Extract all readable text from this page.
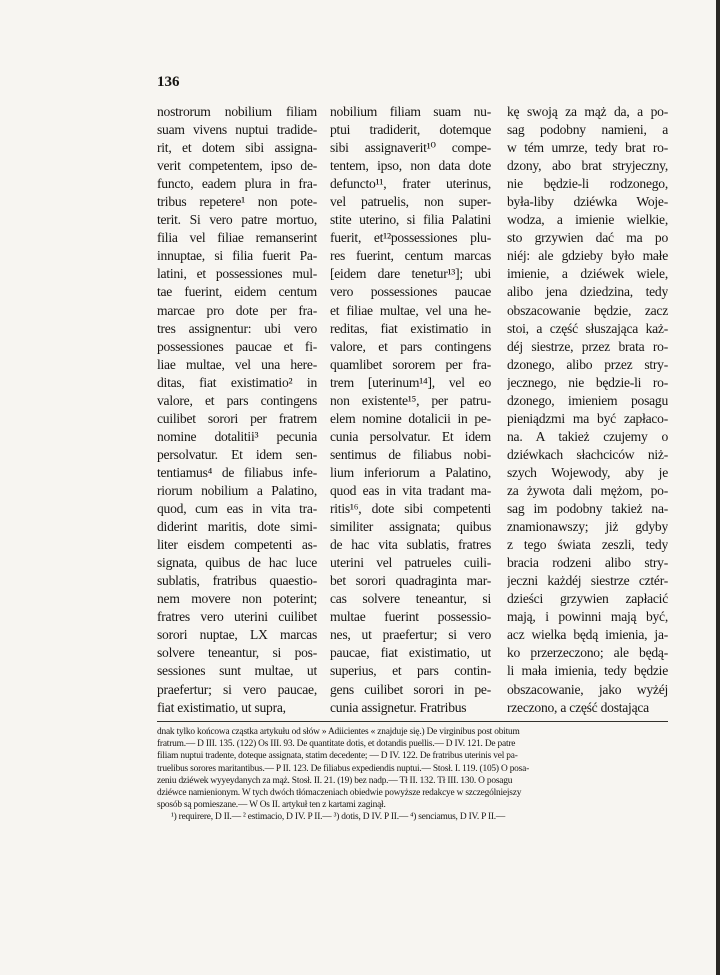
136
nostrorum nobilium filiam
suam vivens nuptui tradide-
rit, et dotem sibi assigna-
verit competentem, ipso de-
functo, eadem plura in fra-
tribus repetere¹ non pote-
terit. Si vero patre mortuo,
filia vel filiae remanserint
innuptae, si filia fuerit Pa-
latini, et possessiones mul-
tae fuerint, eidem centum
marcae pro dote per fra-
tres assignentur: ubi vero
possessiones paucae et fi-
liae multae, vel una here-
ditas, fiat existimatio² in
valore, et pars contingens
cuilibet sorori per fratrem
nomine dotalitii³ pecunia
persolvatur. Et idem sen-
tentiamus⁴ de filiabus infe-
riorum nobilium a Palatino,
quod, cum eas in vita tra-
diderint maritis, dote simi-
liter eisdem competenti as-
signata, quibus de hac luce
sublatis, fratribus quaestio-
nem movere non poterint;
fratres vero uterini cuilibet
sorori nuptae, LX marcas
solvere teneantur, si pos-
sessiones sunt multae, ut
praefertur; si vero paucae,
fiat existimatio, ut supra,
nobilium filiam suam nu-
ptui tradiderit, dotemque
sibi assignaverit¹⁰ compe-
tentem, ipso, non data dote
defuncto¹¹, frater uterinus,
vel patruelis, non super-
stite uterino, si filia Palatini
fuerit, et¹²possessiones plu-
res fuerint, centum marcas
[eidem dare tenetur¹³]; ubi
vero possessiones paucae
et filiae multae, vel una he-
reditas, fiat existimatio in
valore, et pars contingens
quamlibet sororem per fra-
trem [uterinum¹⁴], vel eo
non existente¹⁵, per patru-
elem nomine dotalicii in pe-
cunia persolvatur. Et idem
sentimus de filiabus nobi-
lium inferiorum a Palatino,
quod eas in vita tradant ma-
ritis¹⁶, dote sibi competenti
similiter assignata; quibus
de hac vita sublatis, fratres
uterini vel patrueles cuili-
bet sorori quadraginta mar-
cas solvere teneantur, si
multae fuerint possessio-
nes, ut praefertur; si vero
paucae, fiat existimatio, ut
superius, et pars contin-
gens cuilibet sorori in pe-
cunia assignetur. Fratribus
kę swoją za mąż da, a po-
sag podobny namieni, a
w tém umrze, tedy brat ro-
dzony, abo brat stryjeczny,
nie będzie-li rodzonego,
była-liby dziéwka Woje-
wodza, a imienie wielkie,
sto grzywien dać ma po
niéj: ale gdzieby było małe
imienie, a dziéwek wiele,
alibo jena dziedzina, tedy
obszacowanie będzie, zacz
stoi, a część słuszająca każ-
déj siestrze, przez brata ro-
dzonego, alibo przez stry-
jecznego, nie będzie-li ro-
dzonego, imieniem posagu
pieniądzmi ma być zapłaco-
na. A takież czujemy o
dziéwkach słachciców niż-
szych Wojewody, aby je
za żywota dali mężom, po-
sag im podobny takież na-
znamionawszy; jiż gdyby
z tego świata zeszli, tedy
bracia rodzeni alibo stry-
jeczni każdéj siestrze cztér-
dzieści grzywien zapłacić
mają, i powinni mają być,
acz wielka będą imienia, ja-
ko przerzeczono; ale będą-
li mała imienia, tedy będzie
obszacowanie, jako wyżéj
rzeczono, a część dostająca
dnak tylko końcowa cząstka artykułu od słów » Adiicientes « znajduje się.) De virginibus post obitum
fratrum.— D III. 135. (122) Os III. 93. De quantitate dotis, et dotandis puellis.— D IV. 121. De patre
filiam nuptui tradente, doteque assignata, statim decedente; — D IV. 122. De fratribus uterinis vel pa-
truelibus sorores maritantibus.— P II. 123. De filiabus expediendis nuptui.— Stosł. I. 119. (105) O posa-
zeniu dziéwek wyyeydanych za mąż. Stosł. II. 21. (19) bez nadp.— Tł II. 132. Tł III. 130. O posagu
dziéwce namienionym. W tych dwóch tłómaczeniach obiedwie powyższe redakcye w szczególniejszy
sposób są pomieszane.— W Os II. artykuł ten z kartami zaginął.
¹) requirere, D II.— ² estimacio, D IV. P II.— ³) dotis, D IV. P II.— ⁴) senciamus, D IV. P II.—
